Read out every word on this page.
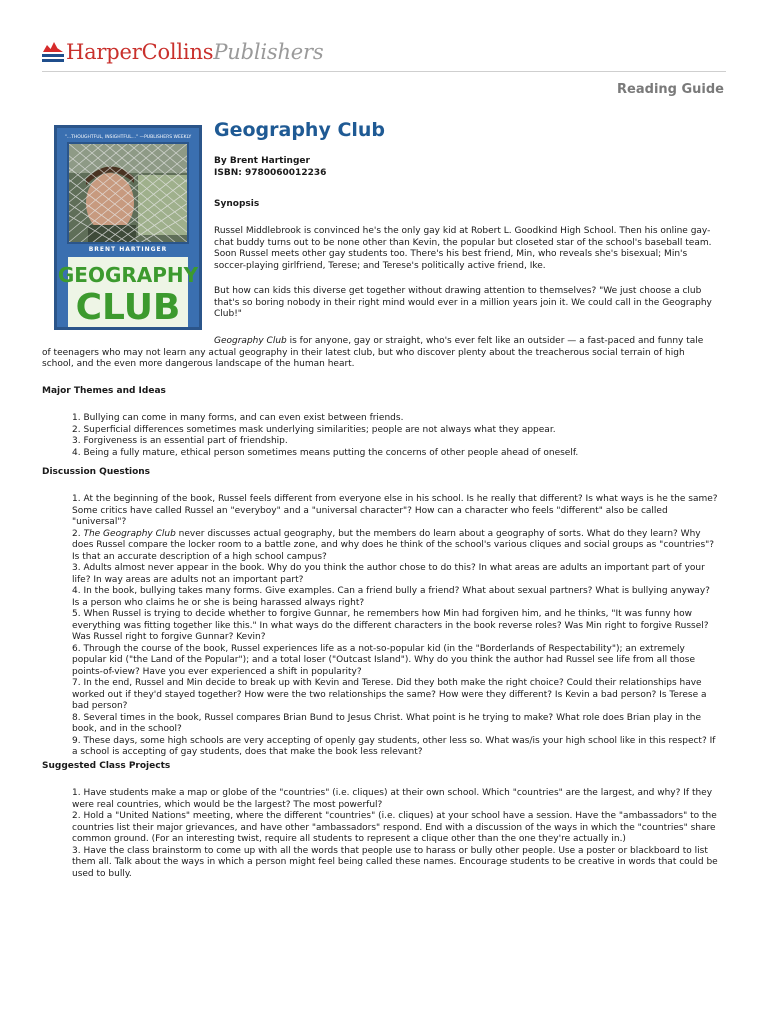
HarperCollinsPublishers
Reading Guide
"...THOUGHTFUL, INSIGHTFUL..." —PUBLISHERS WEEKLY
BRENT HARTINGER
GEOGRAPHY
CLUB
Geography Club
By Brent Hartinger
ISBN: 9780060012236
Synopsis
Russel Middlebrook is convinced he's the only gay kid at Robert L. Goodkind High School. Then his online gay-chat buddy turns out to be none other than Kevin, the popular but closeted star of the school's baseball team. Soon Russel meets other gay students too. There's his best friend, Min, who reveals she's bisexual; Min's soccer-playing girlfriend, Terese; and Terese's politically active friend, Ike.
But how can kids this diverse get together without drawing attention to themselves? "We just choose a club that's so boring nobody in their right mind would ever in a million years join it. We could call in the Geography Club!"
Geography Club is for anyone, gay or straight, who's ever felt like an outsider — a fast-paced and funny tale of teenagers who may not learn any actual geography in their latest club, but who discover plenty about the treacherous social terrain of high school, and the even more dangerous landscape of the human heart.
Major Themes and Ideas
1. Bullying can come in many forms, and can even exist between friends.
2. Superficial differences sometimes mask underlying similarities; people are not always what they appear.
3. Forgiveness is an essential part of friendship.
4. Being a fully mature, ethical person sometimes means putting the concerns of other people ahead of oneself.
Discussion Questions
1. At the beginning of the book, Russel feels different from everyone else in his school. Is he really that different? Is what ways is he the same? Some critics have called Russel an "everyboy" and a "universal character"? How can a character who feels "different" also be called "universal"?
2. The Geography Club never discusses actual geography, but the members do learn about a geography of sorts. What do they learn? Why does Russel compare the locker room to a battle zone, and why does he think of the school's various cliques and social groups as "countries"? Is that an accurate description of a high school campus?
3. Adults almost never appear in the book. Why do you think the author chose to do this? In what areas are adults an important part of your life? In way areas are adults not an important part?
4. In the book, bullying takes many forms. Give examples. Can a friend bully a friend? What about sexual partners? What is bullying anyway? Is a person who claims he or she is being harassed always right?
5. When Russel is trying to decide whether to forgive Gunnar, he remembers how Min had forgiven him, and he thinks, "It was funny how everything was fitting together like this." In what ways do the different characters in the book reverse roles? Was Min right to forgive Russel? Was Russel right to forgive Gunnar? Kevin?
6. Through the course of the book, Russel experiences life as a not-so-popular kid (in the "Borderlands of Respectability"); an extremely popular kid ("the Land of the Popular"); and a total loser ("Outcast Island"). Why do you think the author had Russel see life from all those points-of-view? Have you ever experienced a shift in popularity?
7. In the end, Russel and Min decide to break up with Kevin and Terese. Did they both make the right choice? Could their relationships have worked out if they'd stayed together? How were the two relationships the same? How were they different? Is Kevin a bad person? Is Terese a bad person?
8. Several times in the book, Russel compares Brian Bund to Jesus Christ. What point is he trying to make? What role does Brian play in the book, and in the school?
9. These days, some high schools are very accepting of openly gay students, other less so. What was/is your high school like in this respect? If a school is accepting of gay students, does that make the book less relevant?
Suggested Class Projects
1. Have students make a map or globe of the "countries" (i.e. cliques) at their own school. Which "countries" are the largest, and why? If they were real countries, which would be the largest? The most powerful?
2. Hold a "United Nations" meeting, where the different "countries" (i.e. cliques) at your school have a session. Have the "ambassadors" to the countries list their major grievances, and have other "ambassadors" respond. End with a discussion of the ways in which the "countries" share common ground. (For an interesting twist, require all students to represent a clique other than the one they're actually in.)
3. Have the class brainstorm to come up with all the words that people use to harass or bully other people. Use a poster or blackboard to list them all. Talk about the ways in which a person might feel being called these names. Encourage students to be creative in words that could be used to bully.
